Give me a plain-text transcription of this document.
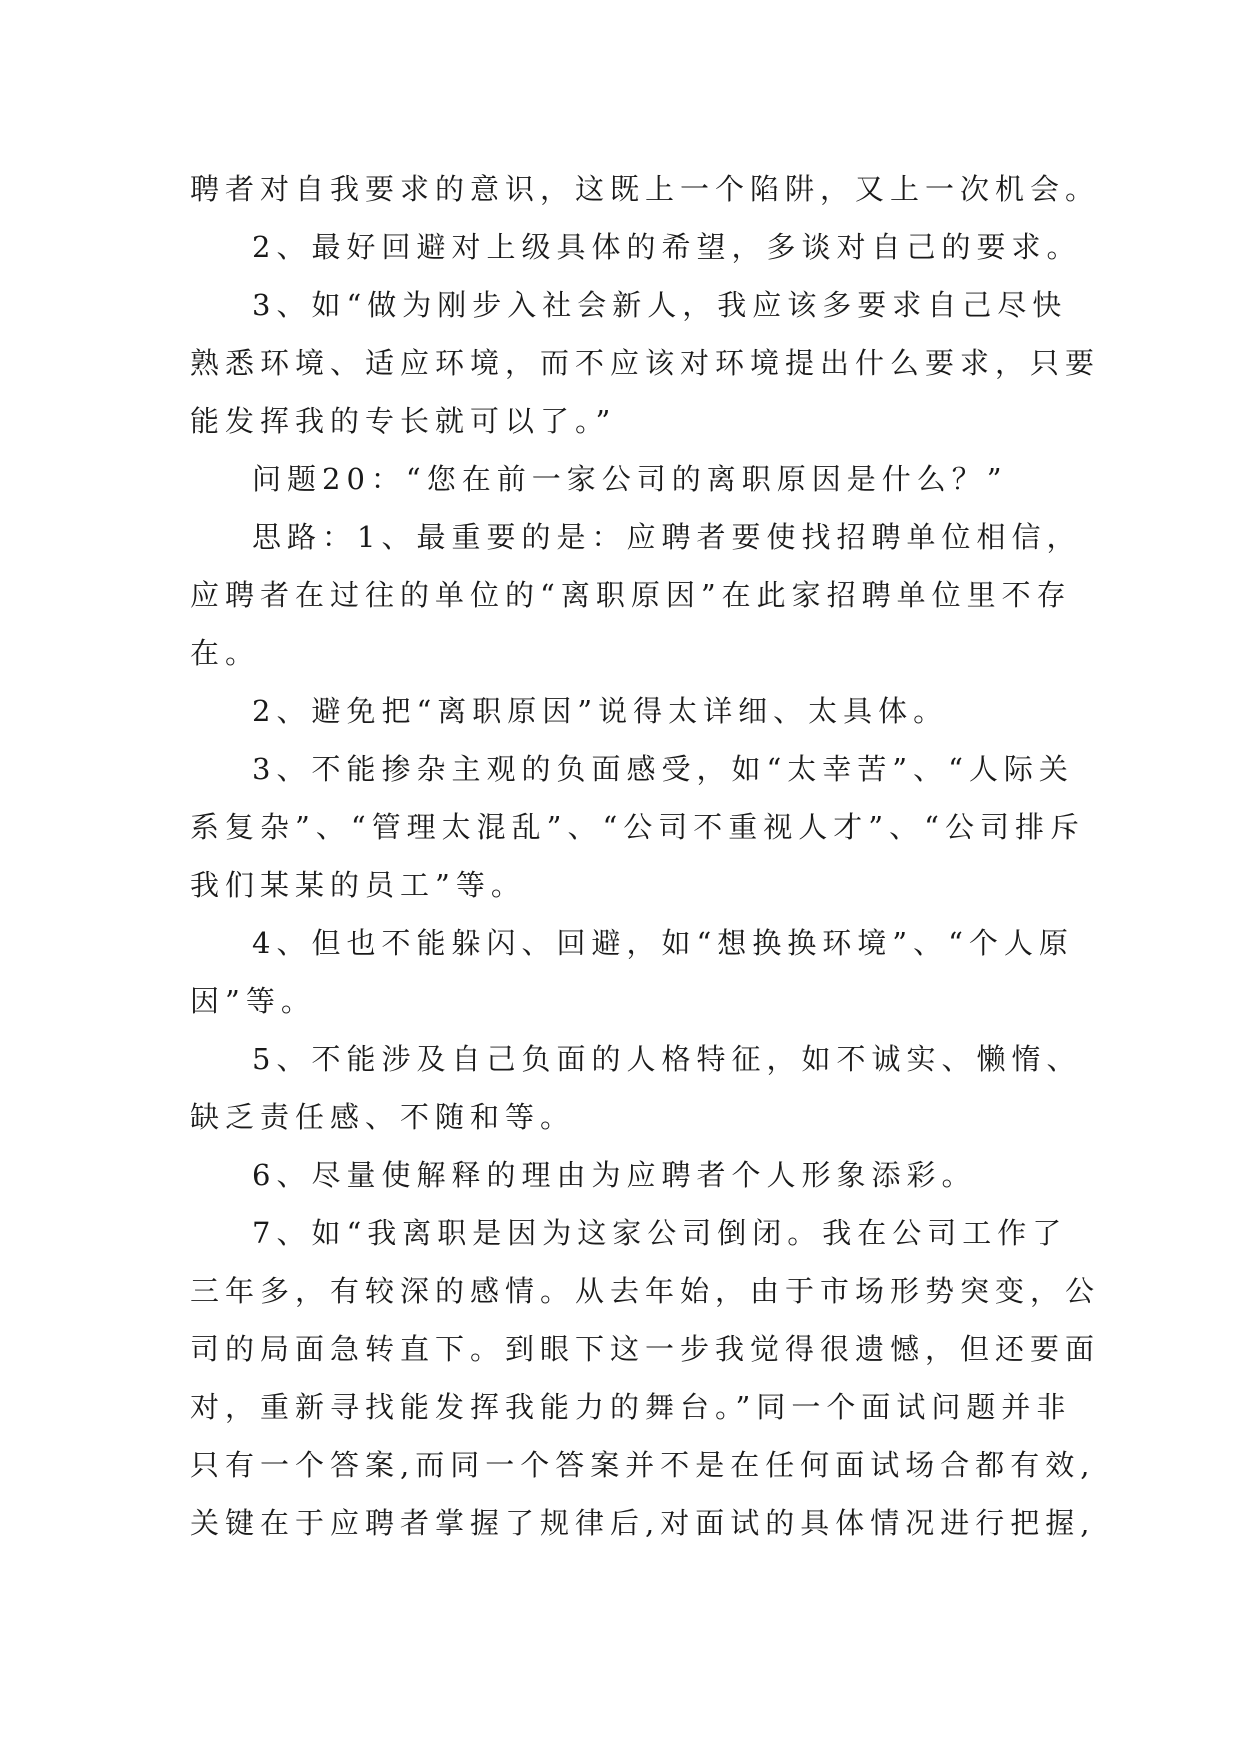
聘者对自我要求的意识，这既上一个陷阱，又上一次机会。
2、最好回避对上级具体的希望，多谈对自己的要求。
3、如“做为刚步入社会新人，我应该多要求自己尽快
熟悉环境、适应环境，而不应该对环境提出什么要求，只要
能发挥我的专长就可以了。”
问题20：“您在前一家公司的离职原因是什么？”
思路：1、最重要的是：应聘者要使找招聘单位相信，
应聘者在过往的单位的“离职原因”在此家招聘单位里不存
在。
2、避免把“离职原因”说得太详细、太具体。
3、不能掺杂主观的负面感受，如“太幸苦”、“人际关
系复杂”、“管理太混乱”、“公司不重视人才”、“公司排斥
我们某某的员工”等。
4、但也不能躲闪、回避，如“想换换环境”、“个人原
因”等。
5、不能涉及自己负面的人格特征，如不诚实、懒惰、
缺乏责任感、不随和等。
6、尽量使解释的理由为应聘者个人形象添彩。
7、如“我离职是因为这家公司倒闭。我在公司工作了
三年多，有较深的感情。从去年始，由于市场形势突变，公
司的局面急转直下。到眼下这一步我觉得很遗憾，但还要面
对，重新寻找能发挥我能力的舞台。”同一个面试问题并非
只有一个答案,而同一个答案并不是在任何面试场合都有效,
关键在于应聘者掌握了规律后,对面试的具体情况进行把握,
